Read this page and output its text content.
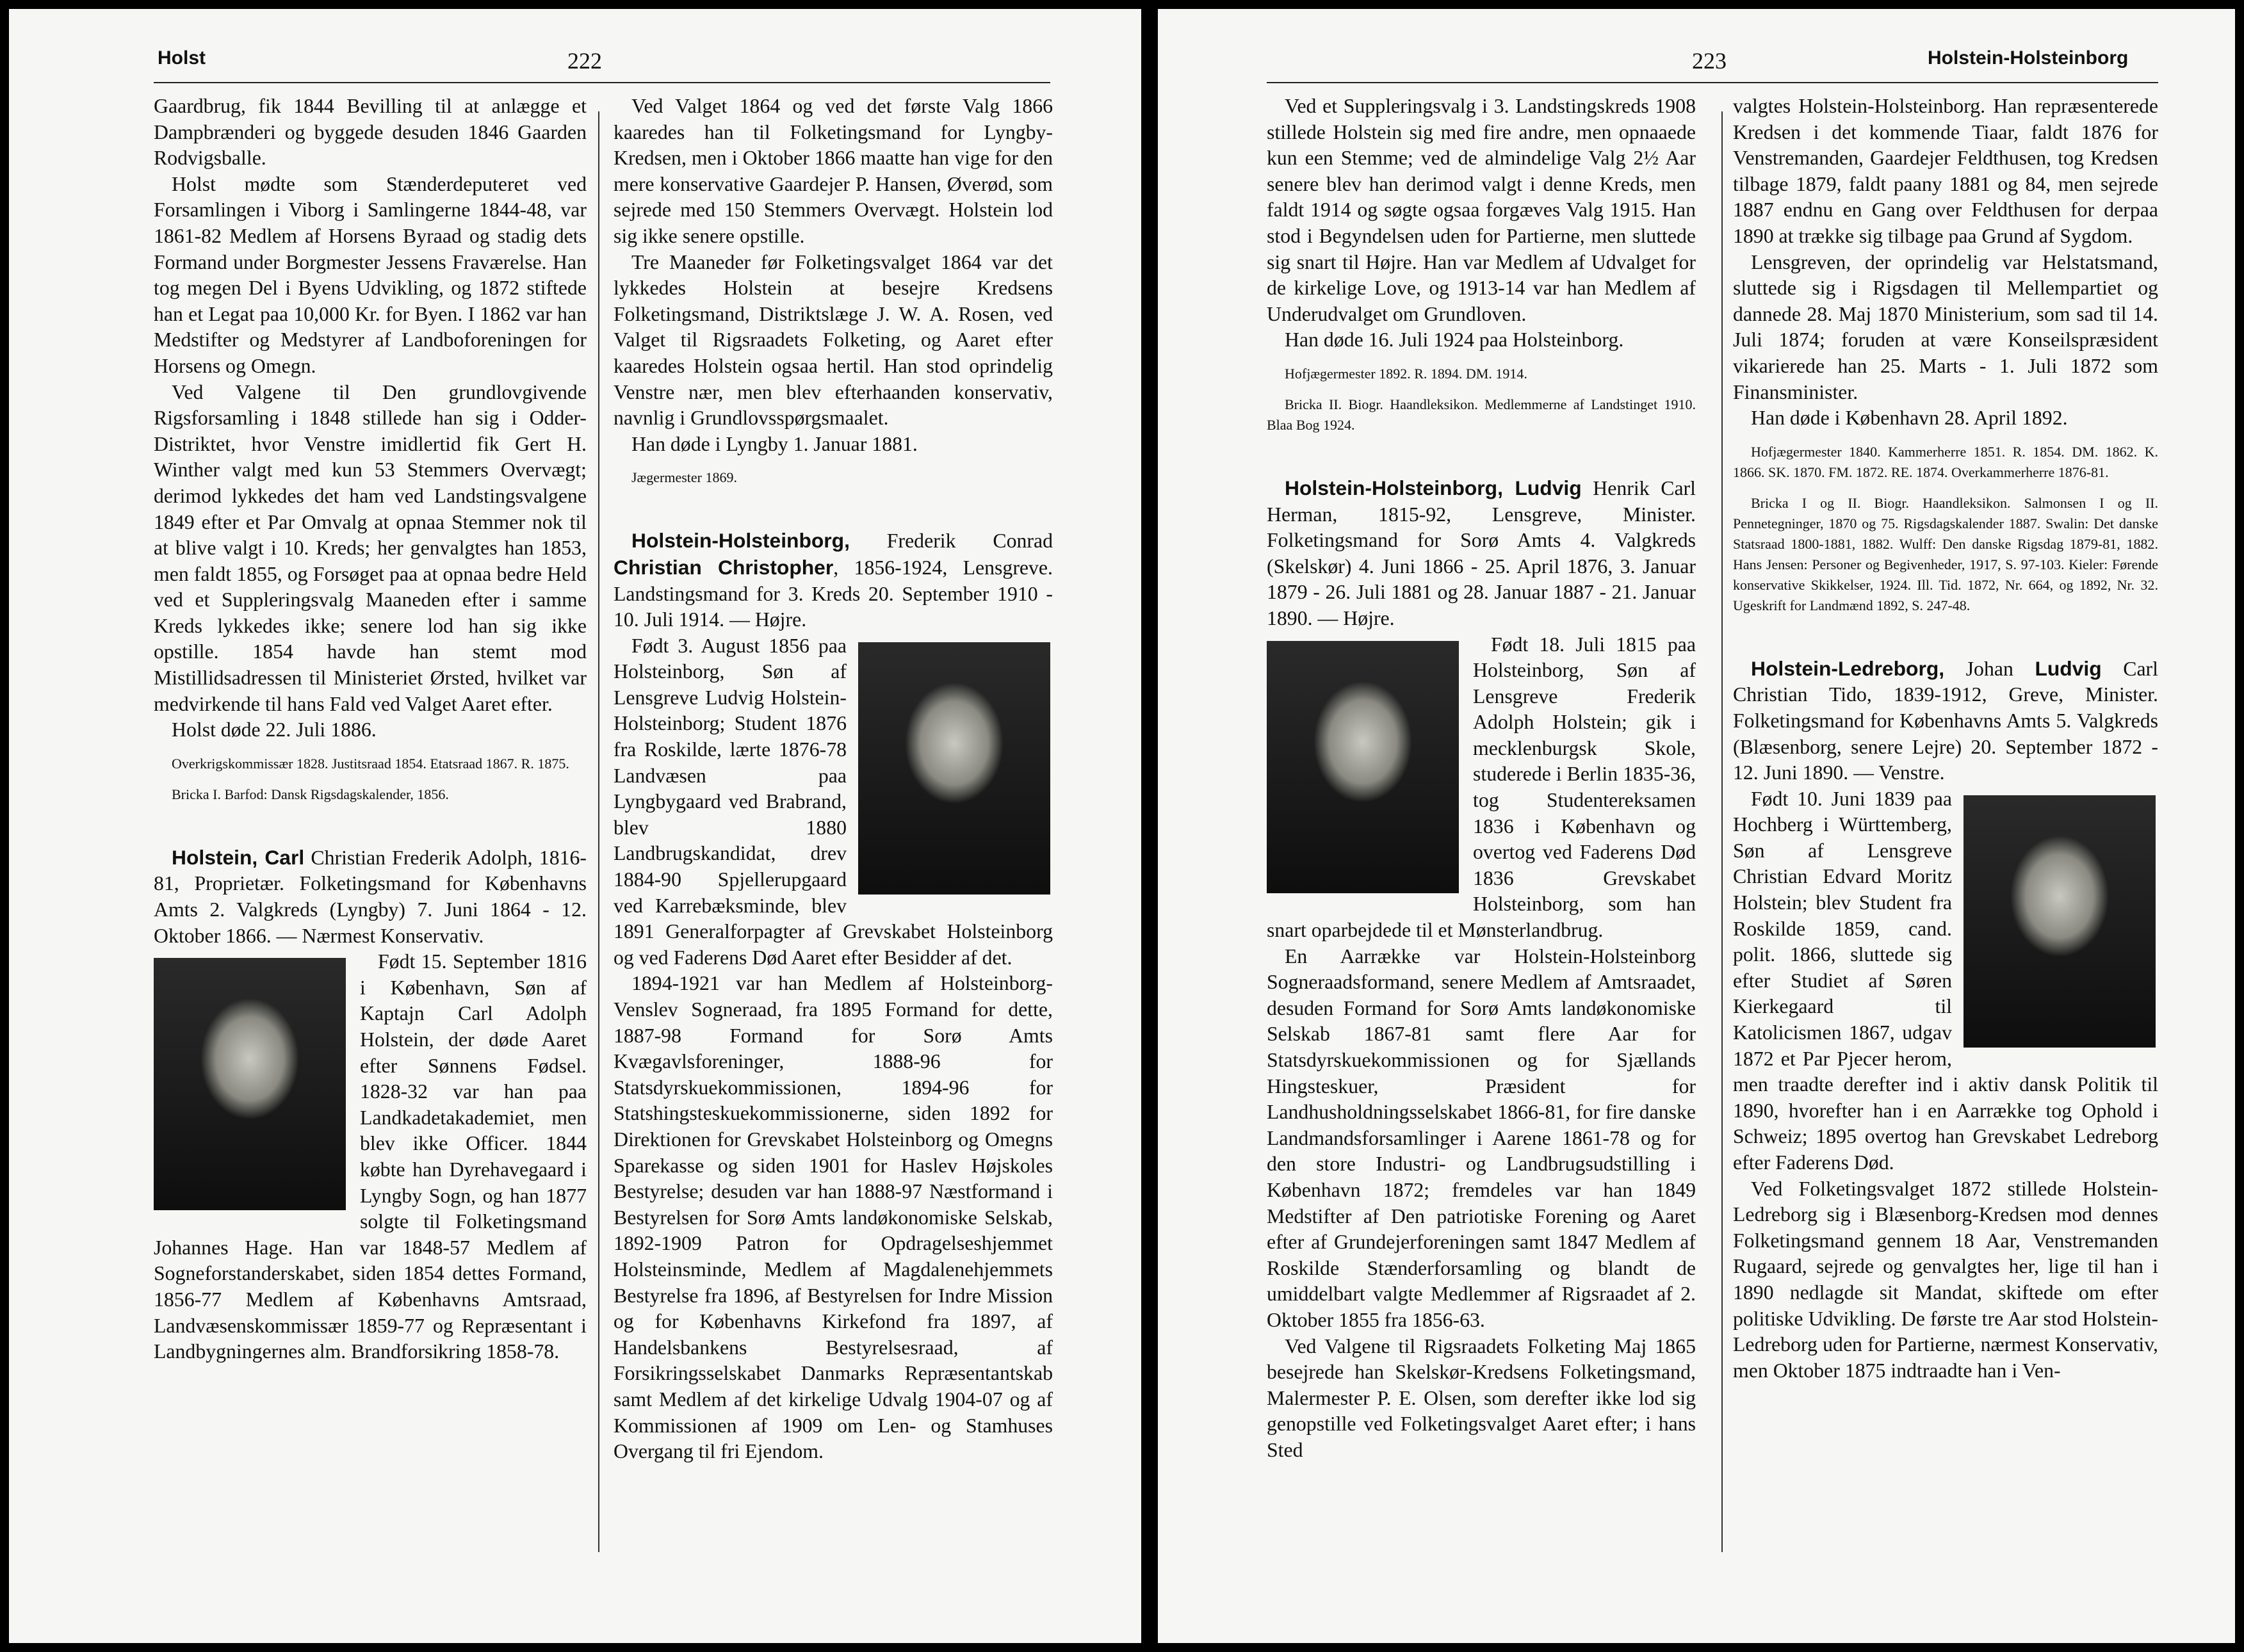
Holst	222

Gaardbrug, fik 1844 Bevilling til at anlægge et Dampbrænderi og byggede desuden 1846 Gaarden Rodvigsballe.

Holst mødte som Stænderdeputeret ved Forsamlingen i Viborg i Samlingerne 1844-48, var 1861-82 Medlem af Horsens Byraad og stadig dets Formand under Borgmester Jessens Fraværelse. Han tog megen Del i Byens Udvikling, og 1872 stiftede han et Legat paa 10,000 Kr. for Byen. I 1862 var han Medstifter og Medstyrer af Landboforeningen for Horsens og Omegn.

Ved Valgene til Den grundlovgivende Rigsforsamling i 1848 stillede han sig i Odder-Distriktet, hvor Venstre imidlertid fik Gert H. Winther valgt med kun 53 Stemmers Overvægt; derimod lykkedes det ham ved Landstingsvalgene 1849 efter et Par Omvalg at opnaa Stemmer nok til at blive valgt i 10. Kreds; her genvalgtes han 1853, men faldt 1855, og Forsøget paa at opnaa bedre Held ved et Suppleringsvalg Maaneden efter i samme Kreds lykkedes ikke; senere lod han sig ikke opstille. 1854 havde han stemt mod Mistillidsadressen til Ministeriet Ørsted, hvilket var medvirkende til hans Fald ved Valget Aaret efter.

Holst døde 22. Juli 1886.

Overkrigskommissær 1828. Justitsraad 1854. Etatsraad 1867. R. 1875.

Bricka I. Barfod: Dansk Rigsdagskalender, 1856.

Holstein, Carl Christian Frederik Adolph, 1816-81, Proprietær. Folketingsmand for Københavns Amts 2. Valgkreds (Lyngby) 7. Juni 1864 - 12. Oktober 1866. — Nærmest Konservativ.

Født 15. September 1816 i København, Søn af Kaptajn Carl Adolph Holstein, der døde Aaret efter Sønnens Fødsel. 1828-32 var han paa Landkadetakademiet, men blev ikke Officer. 1844 købte han Dyrehavegaard i Lyngby Sogn, og han 1877 solgte til Folketingsmand Johannes Hage. Han var 1848-57 Medlem af Sogneforstanderskabet, siden 1854 dettes Formand, 1856-77 Medlem af Københavns Amtsraad, Landvæsenskommissær 1859-77 og Repræsentant i Landbygningernes alm. Brandforsikring 1858-78.

Ved Valget 1864 og ved det første Valg 1866 kaaredes han til Folketingsmand for Lyngby-Kredsen, men i Oktober 1866 maatte han vige for den mere konservative Gaardejer P. Hansen, Øverød, som sejrede med 150 Stemmers Overvægt. Holstein lod sig ikke senere opstille.

Tre Maaneder før Folketingsvalget 1864 var det lykkedes Holstein at besejre Kredsens Folketingsmand, Distriktslæge J. W. A. Rosen, ved Valget til Rigsraadets Folketing, og Aaret efter kaaredes Holstein ogsaa hertil. Han stod oprindelig Venstre nær, men blev efterhaanden konservativ, navnlig i Grundlovsspørgsmaalet.

Han døde i Lyngby 1. Januar 1881.

Jægermester 1869.

Holstein-Holsteinborg, Frederik Conrad Christian Christopher, 1856-1924, Lensgreve. Landstingsmand for 3. Kreds 20. September 1910 - 10. Juli 1914. — Højre.

Født 3. August 1856 paa Holsteinborg, Søn af Lensgreve Ludvig Holstein-Holsteinborg; Student 1876 fra Roskilde, lærte 1876-78 Landvæsen paa Lyngbygaard ved Brabrand, blev 1880 Landbrugskandidat, drev 1884-90 Spjellerupgaard ved Karrebæksminde, blev 1891 Generalforpagter af Grevskabet Holsteinborg og ved Faderens Død Aaret efter Besidder af det.

1894-1921 var han Medlem af Holsteinborg-Venslev Sogneraad, fra 1895 Formand for dette, 1887-98 Formand for Sorø Amts Kvægavlsforeninger, 1888-96 for Statsdyrskuekommissionen, 1894-96 for Statshingsteskuekommissionerne, siden 1892 for Direktionen for Grevskabet Holsteinborg og Omegns Sparekasse og siden 1901 for Haslev Højskoles Bestyrelse; desuden var han 1888-97 Næstformand i Bestyrelsen for Sorø Amts landøkonomiske Selskab, 1892-1909 Patron for Opdragelseshjemmet Holsteinsminde, Medlem af Magdalenehjemmets Bestyrelse fra 1896, af Bestyrelsen for Indre Mission og for Københavns Kirkefond fra 1897, af Handelsbankens Bestyrelsesraad, af Forsikringsselskabet Danmarks Repræsentantskab samt Medlem af det kirkelige Udvalg 1904-07 og af Kommissionen af 1909 om Len- og Stamhuses Overgang til fri Ejendom.

223	Holstein-Holsteinborg

Ved et Suppleringsvalg i 3. Landstingskreds 1908 stillede Holstein sig med fire andre, men opnaaede kun een Stemme; ved de almindelige Valg 2½ Aar senere blev han derimod valgt i denne Kreds, men faldt 1914 og søgte ogsaa forgæves Valg 1915. Han stod i Begyndelsen uden for Partierne, men sluttede sig snart til Højre. Han var Medlem af Udvalget for de kirkelige Love, og 1913-14 var han Medlem af Underudvalget om Grundloven.

Han døde 16. Juli 1924 paa Holsteinborg.

Hofjægermester 1892. R. 1894. DM. 1914.

Bricka II. Biogr. Haandleksikon. Medlemmerne af Landstinget 1910. Blaa Bog 1924.

Holstein-Holsteinborg, Ludvig Henrik Carl Herman, 1815-92, Lensgreve, Minister. Folketingsmand for Sorø Amts 4. Valgkreds (Skelskør) 4. Juni 1866 - 25. April 1876, 3. Januar 1879 - 26. Juli 1881 og 28. Januar 1887 - 21. Januar 1890. — Højre.

Født 18. Juli 1815 paa Holsteinborg, Søn af Lensgreve Frederik Adolph Holstein; gik i mecklenburgsk Skole, studerede i Berlin 1835-36, tog Studentereksamen 1836 i København og overtog ved Faderens Død 1836 Grevskabet Holsteinborg, som han snart oparbejdede til et Mønsterlandbrug.

En Aarrække var Holstein-Holsteinborg Sogneraadsformand, senere Medlem af Amtsraadet, desuden Formand for Sorø Amts landøkonomiske Selskab 1867-81 samt flere Aar for Statsdyrskuekommissionen og for Sjællands Hingsteskuer, Præsident for Landhusholdningsselskabet 1866-81, for fire danske Landmandsforsamlinger i Aarene 1861-78 og for den store Industri- og Landbrugsudstilling i København 1872; fremdeles var han 1849 Medstifter af Den patriotiske Forening og Aaret efter af Grundejerforeningen samt 1847 Medlem af Roskilde Stænderforsamling og blandt de umiddelbart valgte Medlemmer af Rigsraadet af 2. Oktober 1855 fra 1856-63.

Ved Valgene til Rigsraadets Folketing Maj 1865 besejrede han Skelskør-Kredsens Folketingsmand, Malermester P. E. Olsen, som derefter ikke lod sig genopstille ved Folketingsvalget Aaret efter; i hans Sted

valgtes Holstein-Holsteinborg. Han repræsenterede Kredsen i det kommende Tiaar, faldt 1876 for Venstremanden, Gaardejer Feldthusen, tog Kredsen tilbage 1879, faldt paany 1881 og 84, men sejrede 1887 endnu en Gang over Feldthusen for derpaa 1890 at trække sig tilbage paa Grund af Sygdom.

Lensgreven, der oprindelig var Helstatsmand, sluttede sig i Rigsdagen til Mellempartiet og dannede 28. Maj 1870 Ministerium, som sad til 14. Juli 1874; foruden at være Konseilspræsident vikarierede han 25. Marts - 1. Juli 1872 som Finansminister.

Han døde i København 28. April 1892.

Hofjægermester 1840. Kammerherre 1851. R. 1854. DM. 1862. K. 1866. SK. 1870. FM. 1872. RE. 1874. Overkammerherre 1876-81.

Bricka I og II. Biogr. Haandleksikon. Salmonsen I og II. Pennetegninger, 1870 og 75. Rigsdagskalender 1887. Swalin: Det danske Statsraad 1800-1881, 1882. Wulff: Den danske Rigsdag 1879-81, 1882. Hans Jensen: Personer og Begivenheder, 1917, S. 97-103. Kieler: Førende konservative Skikkelser, 1924. Ill. Tid. 1872, Nr. 664, og 1892, Nr. 32. Ugeskrift for Landmænd 1892, S. 247-48.

Holstein-Ledreborg, Johan Ludvig Carl Christian Tido, 1839-1912, Greve, Minister. Folketingsmand for Københavns Amts 5. Valgkreds (Blæsenborg, senere Lejre) 20. September 1872 - 12. Juni 1890. — Venstre.

Født 10. Juni 1839 paa Hochberg i Württemberg, Søn af Lensgreve Christian Edvard Moritz Holstein; blev Student fra Roskilde 1859, cand. polit. 1866, sluttede sig efter Studiet af Søren Kierkegaard til Katolicismen 1867, udgav 1872 et Par Pjecer herom, men traadte derefter ind i aktiv dansk Politik til 1890, hvorefter han i en Aarrække tog Ophold i Schweiz; 1895 overtog han Grevskabet Ledreborg efter Faderens Død.

Ved Folketingsvalget 1872 stillede Holstein-Ledreborg sig i Blæsenborg-Kredsen mod dennes Folketingsmand gennem 18 Aar, Venstremanden Rugaard, sejrede og genvalgtes her, lige til han i 1890 nedlagde sit Mandat, skiftede om efter politiske Udvikling. De første tre Aar stod Holstein-Ledreborg uden for Partierne, nærmest Konservativ, men Oktober 1875 indtraadte han i Ven-
